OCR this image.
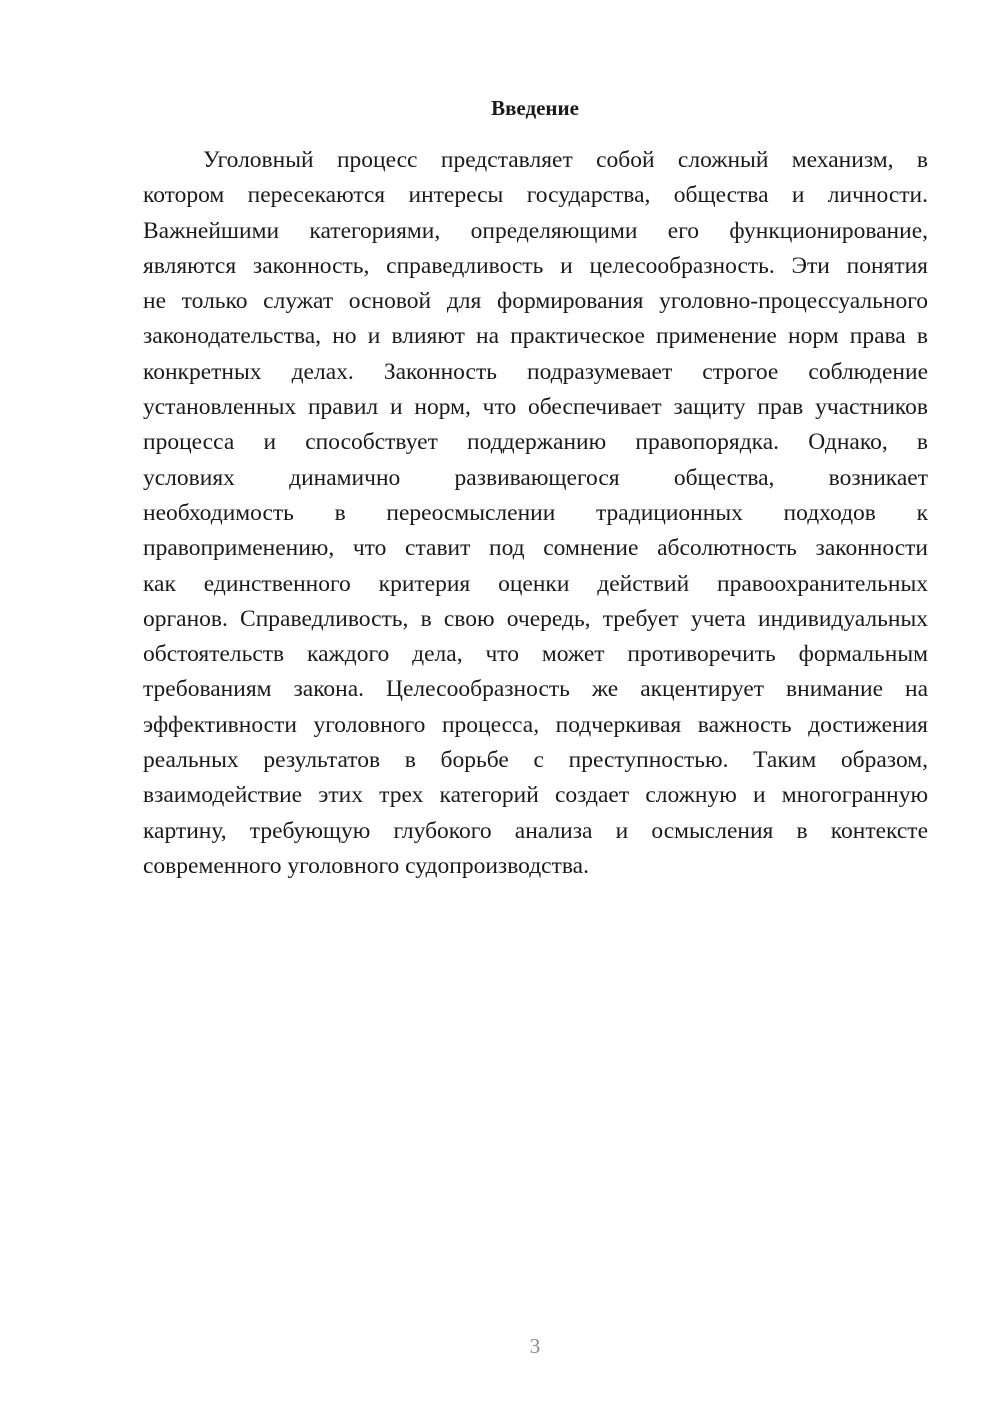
Введение
Уголовный процесс представляет собой сложный механизм, в
котором пересекаются интересы государства, общества и личности.
Важнейшими категориями, определяющими его функционирование,
являются законность, справедливость и целесообразность. Эти понятия
не только служат основой для формирования уголовно-процессуального
законодательства, но и влияют на практическое применение норм права в
конкретных делах. Законность подразумевает строгое соблюдение
установленных правил и норм, что обеспечивает защиту прав участников
процесса и способствует поддержанию правопорядка. Однако, в
условиях динамично развивающегося общества, возникает
необходимость в переосмыслении традиционных подходов к
правоприменению, что ставит под сомнение абсолютность законности
как единственного критерия оценки действий правоохранительных
органов. Справедливость, в свою очередь, требует учета индивидуальных
обстоятельств каждого дела, что может противоречить формальным
требованиям закона. Целесообразность же акцентирует внимание на
эффективности уголовного процесса, подчеркивая важность достижения
реальных результатов в борьбе с преступностью. Таким образом,
взаимодействие этих трех категорий создает сложную и многогранную
картину, требующую глубокого анализа и осмысления в контексте
современного уголовного судопроизводства.
3
